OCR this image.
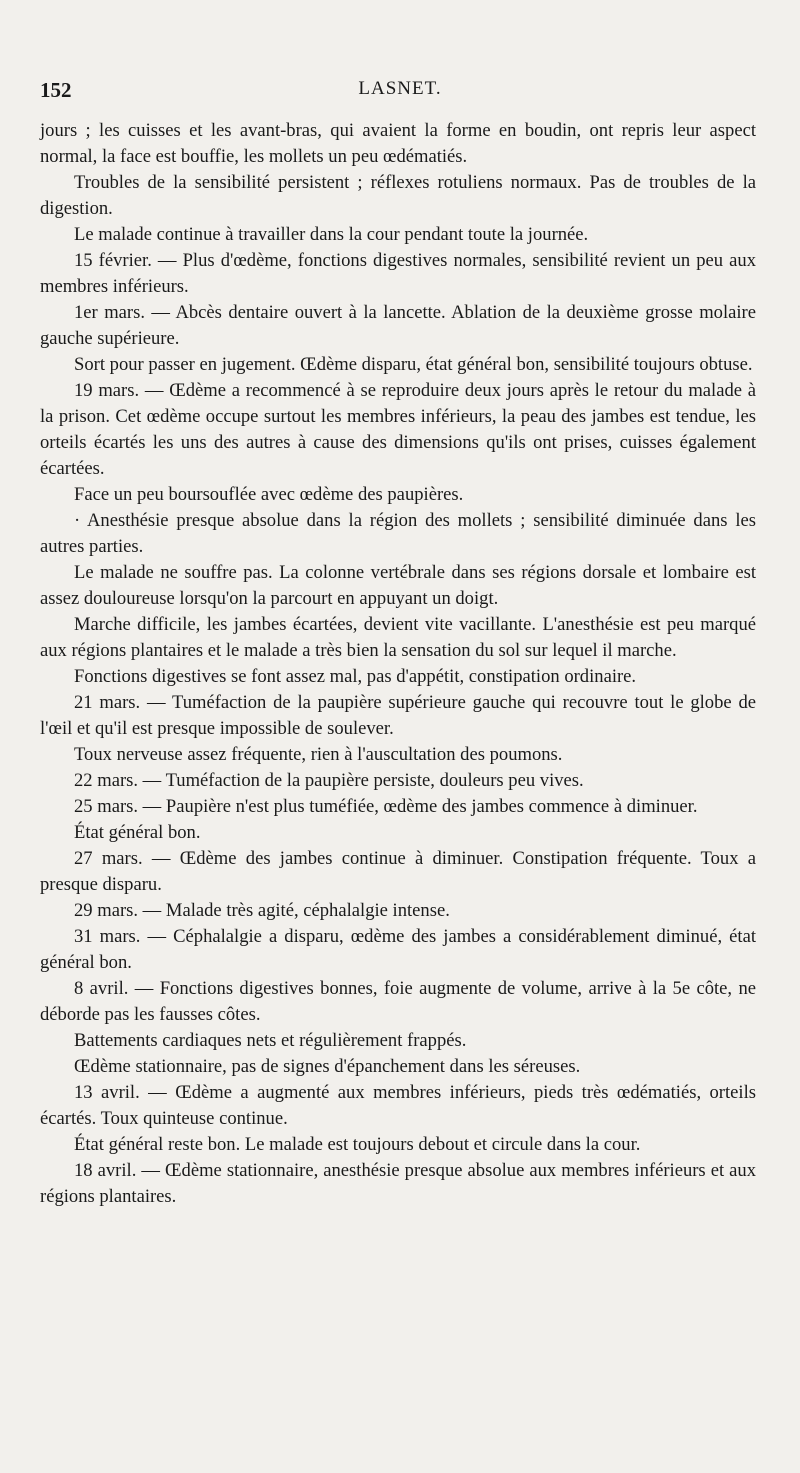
152	LASNET.

jours ; les cuisses et les avant-bras, qui avaient la forme en boudin, ont repris leur aspect normal, la face est bouffie, les mollets un peu œdématiés.

Troubles de la sensibilité persistent ; réflexes rotuliens normaux. Pas de troubles de la digestion.

Le malade continue à travailler dans la cour pendant toute la journée.

15 février. — Plus d'œdème, fonctions digestives normales, sensibilité revient un peu aux membres inférieurs.

1er mars. — Abcès dentaire ouvert à la lancette. Ablation de la deuxième grosse molaire gauche supérieure.

Sort pour passer en jugement. Œdème disparu, état général bon, sensibilité toujours obtuse.

19 mars. — Œdème a recommencé à se reproduire deux jours après le retour du malade à la prison. Cet œdème occupe surtout les membres inférieurs, la peau des jambes est tendue, les orteils écartés les uns des autres à cause des dimensions qu'ils ont prises, cuisses également écartées.

Face un peu boursouflée avec œdème des paupières.

· Anesthésie presque absolue dans la région des mollets ; sensibilité diminuée dans les autres parties.

Le malade ne souffre pas. La colonne vertébrale dans ses régions dorsale et lombaire est assez douloureuse lorsqu'on la parcourt en appuyant un doigt.

Marche difficile, les jambes écartées, devient vite vacillante. L'anesthésie est peu marqué aux régions plantaires et le malade a très bien la sensation du sol sur lequel il marche.

Fonctions digestives se font assez mal, pas d'appétit, constipation ordinaire.

21 mars. — Tuméfaction de la paupière supérieure gauche qui recouvre tout le globe de l'œil et qu'il est presque impossible de soulever.

Toux nerveuse assez fréquente, rien à l'auscultation des poumons.

22 mars. — Tuméfaction de la paupière persiste, douleurs peu vives.

25 mars. — Paupière n'est plus tuméfiée, œdème des jambes commence à diminuer.

État général bon.

27 mars. — Œdème des jambes continue à diminuer. Constipation fréquente. Toux a presque disparu.

29 mars. — Malade très agité, céphalalgie intense.

31 mars. — Céphalalgie a disparu, œdème des jambes a considérablement diminué, état général bon.

8 avril. — Fonctions digestives bonnes, foie augmente de volume, arrive à la 5e côte, ne déborde pas les fausses côtes.

Battements cardiaques nets et régulièrement frappés.

Œdème stationnaire, pas de signes d'épanchement dans les séreuses.

13 avril. — Œdème a augmenté aux membres inférieurs, pieds très œdématiés, orteils écartés. Toux quinteuse continue.

État général reste bon. Le malade est toujours debout et circule dans la cour.

18 avril. — Œdème stationnaire, anesthésie presque absolue aux membres inférieurs et aux régions plantaires.
